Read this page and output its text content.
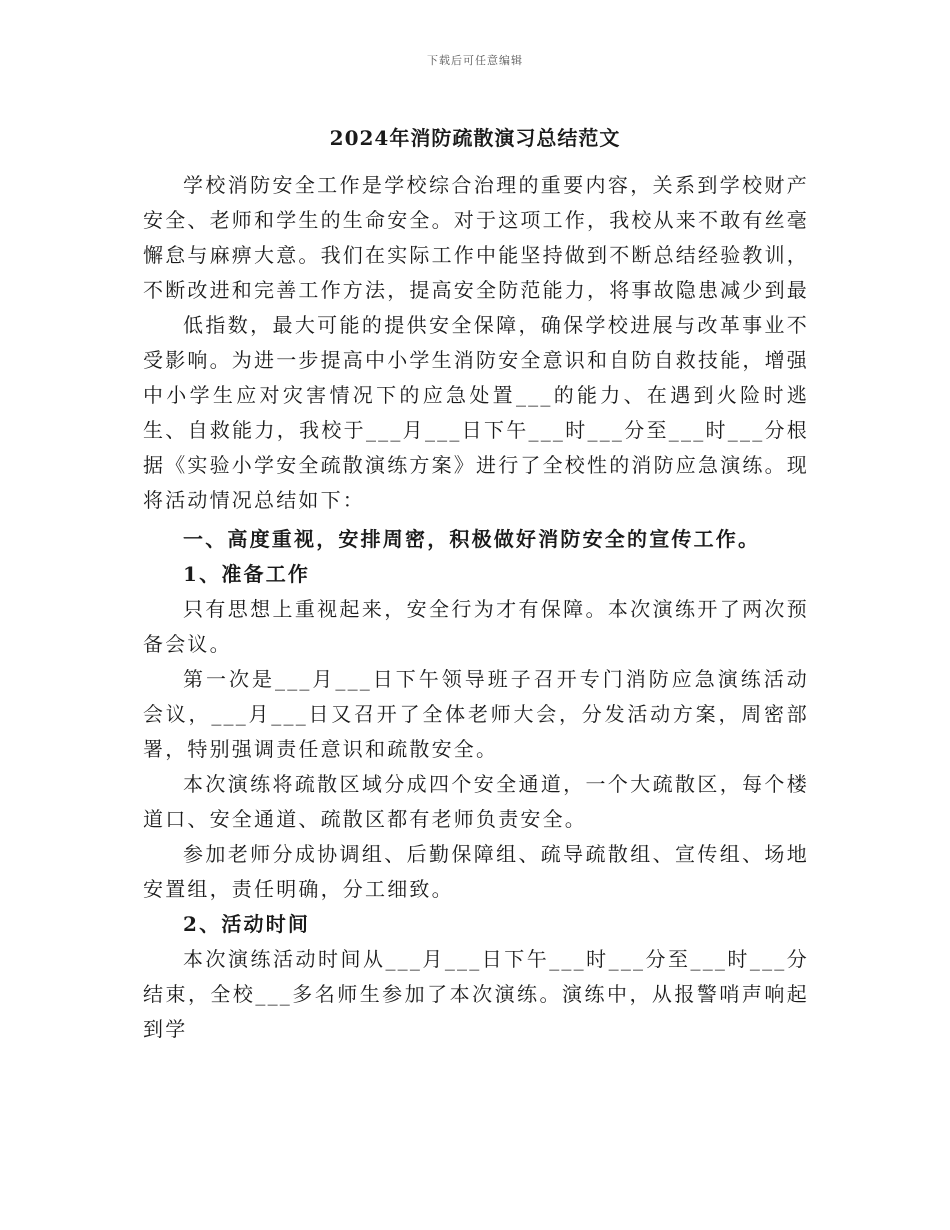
下载后可任意编辑
2024年消防疏散演习总结范文

学校消防安全工作是学校综合治理的重要内容，关系到学校财产安全、老师和学生的生命安全。对于这项工作，我校从来不敢有丝毫懈怠与麻痹大意。我们在实际工作中能坚持做到不断总结经验教训，不断改进和完善工作方法，提高安全防范能力，将事故隐患减少到最

低指数，最大可能的提供安全保障，确保学校进展与改革事业不受影响。为进一步提高中小学生消防安全意识和自防自救技能，增强中小学生应对灾害情况下的应急处置___的能力、在遇到火险时逃生、自救能力，我校于___月___日下午___时___分至___时___分根据《实验小学安全疏散演练方案》进行了全校性的消防应急演练。现将活动情况总结如下：

一、高度重视，安排周密，积极做好消防安全的宣传工作。

1、准备工作

只有思想上重视起来，安全行为才有保障。本次演练开了两次预备会议。

第一次是___月___日下午领导班子召开专门消防应急演练活动会议，___月___日又召开了全体老师大会，分发活动方案，周密部署，特别强调责任意识和疏散安全。

本次演练将疏散区域分成四个安全通道，一个大疏散区，每个楼道口、安全通道、疏散区都有老师负责安全。

参加老师分成协调组、后勤保障组、疏导疏散组、宣传组、场地安置组，责任明确，分工细致。

2、活动时间

本次演练活动时间从___月___日下午___时___分至___时___分结束，全校___多名师生参加了本次演练。演练中，从报警哨声响起到学
